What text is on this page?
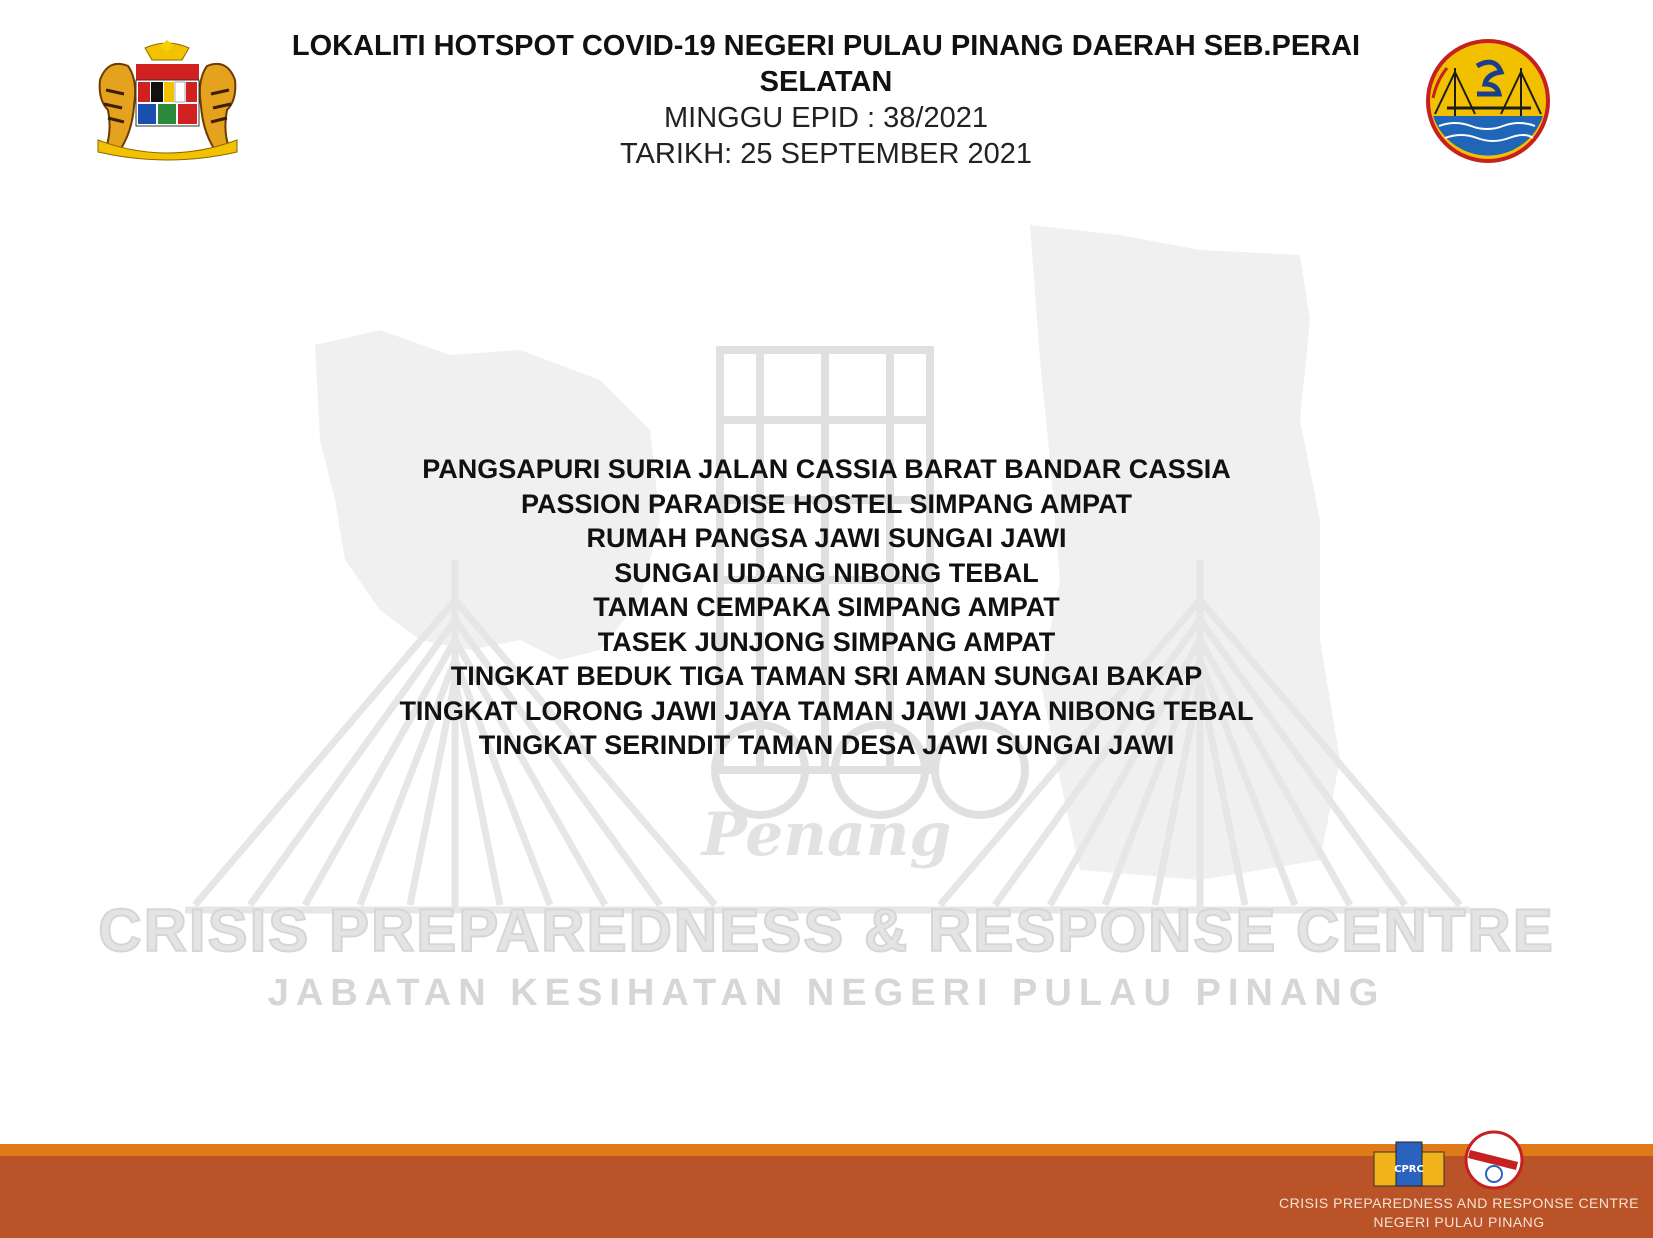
Penang
CRISIS PREPAREDNESS & RESPONSE CENTRE
JABATAN KESIHATAN NEGERI PULAU PINANG
LOKALITI HOTSPOT COVID-19 NEGERI PULAU PINANG DAERAH SEB.PERAI
SELATAN
MINGGU EPID : 38/2021
TARIKH: 25 SEPTEMBER 2021
PANGSAPURI SURIA JALAN CASSIA BARAT BANDAR CASSIA
PASSION PARADISE HOSTEL SIMPANG AMPAT
RUMAH PANGSA JAWI SUNGAI JAWI
SUNGAI UDANG NIBONG TEBAL
TAMAN CEMPAKA SIMPANG AMPAT
TASEK JUNJONG SIMPANG AMPAT
TINGKAT BEDUK TIGA TAMAN SRI AMAN SUNGAI BAKAP
TINGKAT LORONG JAWI JAYA TAMAN JAWI JAYA NIBONG TEBAL
TINGKAT SERINDIT TAMAN DESA JAWI SUNGAI JAWI
CPRC
CRISIS PREPAREDNESS AND RESPONSE CENTRE
NEGERI PULAU PINANG
